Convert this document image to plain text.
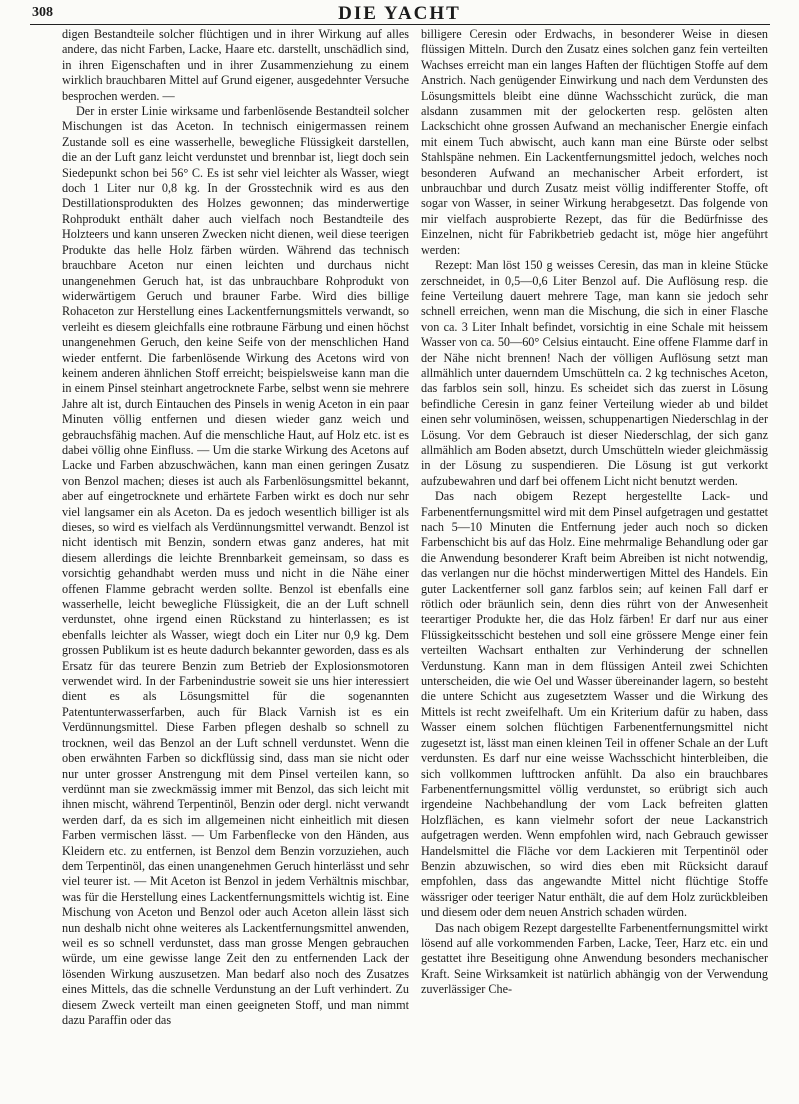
308	DIE YACHT

digen Bestandteile solcher flüchtigen und in ihrer Wirkung auf alles andere, das nicht Farben, Lacke, Haare etc. darstellt, unschädlich sind, in ihren Eigenschaften und in ihrer Zusammenziehung zu einem wirklich brauchbaren Mittel auf Grund eigener, ausgedehnter Versuche besprochen werden. —

Der in erster Linie wirksame und farbenlösende Bestandteil solcher Mischungen ist das Aceton. In technisch einigermassen reinem Zustande soll es eine wasserhelle, bewegliche Flüssigkeit darstellen, die an der Luft ganz leicht verdunstet und brennbar ist, liegt doch sein Siedepunkt schon bei 56° C. Es ist sehr viel leichter als Wasser, wiegt doch 1 Liter nur 0,8 kg. In der Grosstechnik wird es aus den Destillationsprodukten des Holzes gewonnen; das minderwertige Rohprodukt enthält daher auch vielfach noch Bestandteile des Holzteers und kann unseren Zwecken nicht dienen, weil diese teerigen Produkte das helle Holz färben würden. Während das technisch brauchbare Aceton nur einen leichten und durchaus nicht unangenehmen Geruch hat, ist das unbrauchbare Rohprodukt von widerwärtigem Geruch und brauner Farbe. Wird dies billige Rohaceton zur Herstellung eines Lackentfernungsmittels verwandt, so verleiht es diesem gleichfalls eine rotbraune Färbung und einen höchst unangenehmen Geruch, den keine Seife von der menschlichen Hand wieder entfernt. Die farbenlösende Wirkung des Acetons wird von keinem anderen ähnlichen Stoff erreicht; beispielsweise kann man die in einem Pinsel steinhart angetrocknete Farbe, selbst wenn sie mehrere Jahre alt ist, durch Eintauchen des Pinsels in wenig Aceton in ein paar Minuten völlig entfernen und diesen wieder ganz weich und gebrauchsfähig machen. Auf die menschliche Haut, auf Holz etc. ist es dabei völlig ohne Einfluss. — Um die starke Wirkung des Acetons auf Lacke und Farben abzuschwächen, kann man einen geringen Zusatz von Benzol machen; dieses ist auch als Farbenlösungsmittel bekannt, aber auf eingetrocknete und erhärtete Farben wirkt es doch nur sehr viel langsamer ein als Aceton. Da es jedoch wesentlich billiger ist als dieses, so wird es vielfach als Verdünnungsmittel verwandt. Benzol ist nicht identisch mit Benzin, sondern etwas ganz anderes, hat mit diesem allerdings die leichte Brennbarkeit gemeinsam, so dass es vorsichtig gehandhabt werden muss und nicht in die Nähe einer offenen Flamme gebracht werden sollte. Benzol ist ebenfalls eine wasserhelle, leicht bewegliche Flüssigkeit, die an der Luft schnell verdunstet, ohne irgend einen Rückstand zu hinterlassen; es ist ebenfalls leichter als Wasser, wiegt doch ein Liter nur 0,9 kg. Dem grossen Publikum ist es heute dadurch bekannter geworden, dass es als Ersatz für das teurere Benzin zum Betrieb der Explosionsmotoren verwendet wird. In der Farbenindustrie soweit sie uns hier interessiert dient es als Lösungsmittel für die sogenannten Patentunterwasserfarben, auch für Black Varnish ist es ein Verdünnungsmittel. Diese Farben pflegen deshalb so schnell zu trocknen, weil das Benzol an der Luft schnell verdunstet. Wenn die oben erwähnten Farben so dickflüssig sind, dass man sie nicht oder nur unter grosser Anstrengung mit dem Pinsel verteilen kann, so verdünnt man sie zweckmässig immer mit Benzol, das sich leicht mit ihnen mischt, während Terpentinöl, Benzin oder dergl. nicht verwandt werden darf, da es sich im allgemeinen nicht einheitlich mit diesen Farben vermischen lässt. — Um Farbenflecke von den Händen, aus Kleidern etc. zu entfernen, ist Benzol dem Benzin vorzuziehen, auch dem Terpentinöl, das einen unangenehmen Geruch hinterlässt und sehr viel teurer ist. — Mit Aceton ist Benzol in jedem Verhältnis mischbar, was für die Herstellung eines Lackentfernungsmittels wichtig ist. Eine Mischung von Aceton und Benzol oder auch Aceton allein lässt sich nun deshalb nicht ohne weiteres als Lackentfernungsmittel anwenden, weil es so schnell verdunstet, dass man grosse Mengen gebrauchen würde, um eine gewisse lange Zeit den zu entfernenden Lack der lösenden Wirkung auszusetzen. Man bedarf also noch des Zusatzes eines Mittels, das die schnelle Verdunstung an der Luft verhindert. Zu diesem Zweck verteilt man einen geeigneten Stoff, und man nimmt dazu Paraffin oder das

billigere Ceresin oder Erdwachs, in besonderer Weise in diesen flüssigen Mitteln. Durch den Zusatz eines solchen ganz fein verteilten Wachses erreicht man ein langes Haften der flüchtigen Stoffe auf dem Anstrich. Nach genügender Einwirkung und nach dem Verdunsten des Lösungsmittels bleibt eine dünne Wachsschicht zurück, die man alsdann zusammen mit der gelockerten resp. gelösten alten Lackschicht ohne grossen Aufwand an mechanischer Energie einfach mit einem Tuch abwischt, auch kann man eine Bürste oder selbst Stahlspäne nehmen. Ein Lackentfernungsmittel jedoch, welches noch besonderen Aufwand an mechanischer Arbeit erfordert, ist unbrauchbar und durch Zusatz meist völlig indifferenter Stoffe, oft sogar von Wasser, in seiner Wirkung herabgesetzt. Das folgende von mir vielfach ausprobierte Rezept, das für die Bedürfnisse des Einzelnen, nicht für Fabrikbetrieb gedacht ist, möge hier angeführt werden:

Rezept: Man löst 150 g weisses Ceresin, das man in kleine Stücke zerschneidet, in 0,5—0,6 Liter Benzol auf. Die Auflösung resp. die feine Verteilung dauert mehrere Tage, man kann sie jedoch sehr schnell erreichen, wenn man die Mischung, die sich in einer Flasche von ca. 3 Liter Inhalt befindet, vorsichtig in eine Schale mit heissem Wasser von ca. 50—60° Celsius eintaucht. Eine offene Flamme darf in der Nähe nicht brennen! Nach der völligen Auflösung setzt man allmählich unter dauerndem Umschütteln ca. 2 kg technisches Aceton, das farblos sein soll, hinzu. Es scheidet sich das zuerst in Lösung befindliche Ceresin in ganz feiner Verteilung wieder ab und bildet einen sehr voluminösen, weissen, schuppenartigen Niederschlag in der Lösung. Vor dem Gebrauch ist dieser Niederschlag, der sich ganz allmählich am Boden absetzt, durch Umschütteln wieder gleichmässig in der Lösung zu suspendieren. Die Lösung ist gut verkorkt aufzubewahren und darf bei offenem Licht nicht benutzt werden.

Das nach obigem Rezept hergestellte Lack- und Farbenentfernungsmittel wird mit dem Pinsel aufgetragen und gestattet nach 5—10 Minuten die Entfernung jeder auch noch so dicken Farbenschicht bis auf das Holz. Eine mehrmalige Behandlung oder gar die Anwendung besonderer Kraft beim Abreiben ist nicht notwendig, das verlangen nur die höchst minderwertigen Mittel des Handels. Ein guter Lackentferner soll ganz farblos sein; auf keinen Fall darf er rötlich oder bräunlich sein, denn dies rührt von der Anwesenheit teerartiger Produkte her, die das Holz färben! Er darf nur aus einer Flüssigkeitsschicht bestehen und soll eine grössere Menge einer fein verteilten Wachsart enthalten zur Verhinderung der schnellen Verdunstung. Kann man in dem flüssigen Anteil zwei Schichten unterscheiden, die wie Oel und Wasser übereinander lagern, so besteht die untere Schicht aus zugesetztem Wasser und die Wirkung des Mittels ist recht zweifelhaft. Um ein Kriterium dafür zu haben, dass Wasser einem solchen flüchtigen Farbenentfernungsmittel nicht zugesetzt ist, lässt man einen kleinen Teil in offener Schale an der Luft verdunsten. Es darf nur eine weisse Wachsschicht hinterbleiben, die sich vollkommen lufttrocken anfühlt. Da also ein brauchbares Farbenentfernungsmittel völlig verdunstet, so erübrigt sich auch irgendeine Nachbehandlung der vom Lack befreiten glatten Holzflächen, es kann vielmehr sofort der neue Lackanstrich aufgetragen werden. Wenn empfohlen wird, nach Gebrauch gewisser Handelsmittel die Fläche vor dem Lackieren mit Terpentinöl oder Benzin abzuwischen, so wird dies eben mit Rücksicht darauf empfohlen, dass das angewandte Mittel nicht flüchtige Stoffe wässriger oder teeriger Natur enthält, die auf dem Holz zurückbleiben und diesem oder dem neuen Anstrich schaden würden.

Das nach obigem Rezept dargestellte Farbenentfernungsmittel wirkt lösend auf alle vorkommenden Farben, Lacke, Teer, Harz etc. ein und gestattet ihre Beseitigung ohne Anwendung besonders mechanischer Kraft. Seine Wirksamkeit ist natürlich abhängig von der Verwendung zuverlässiger Che-
